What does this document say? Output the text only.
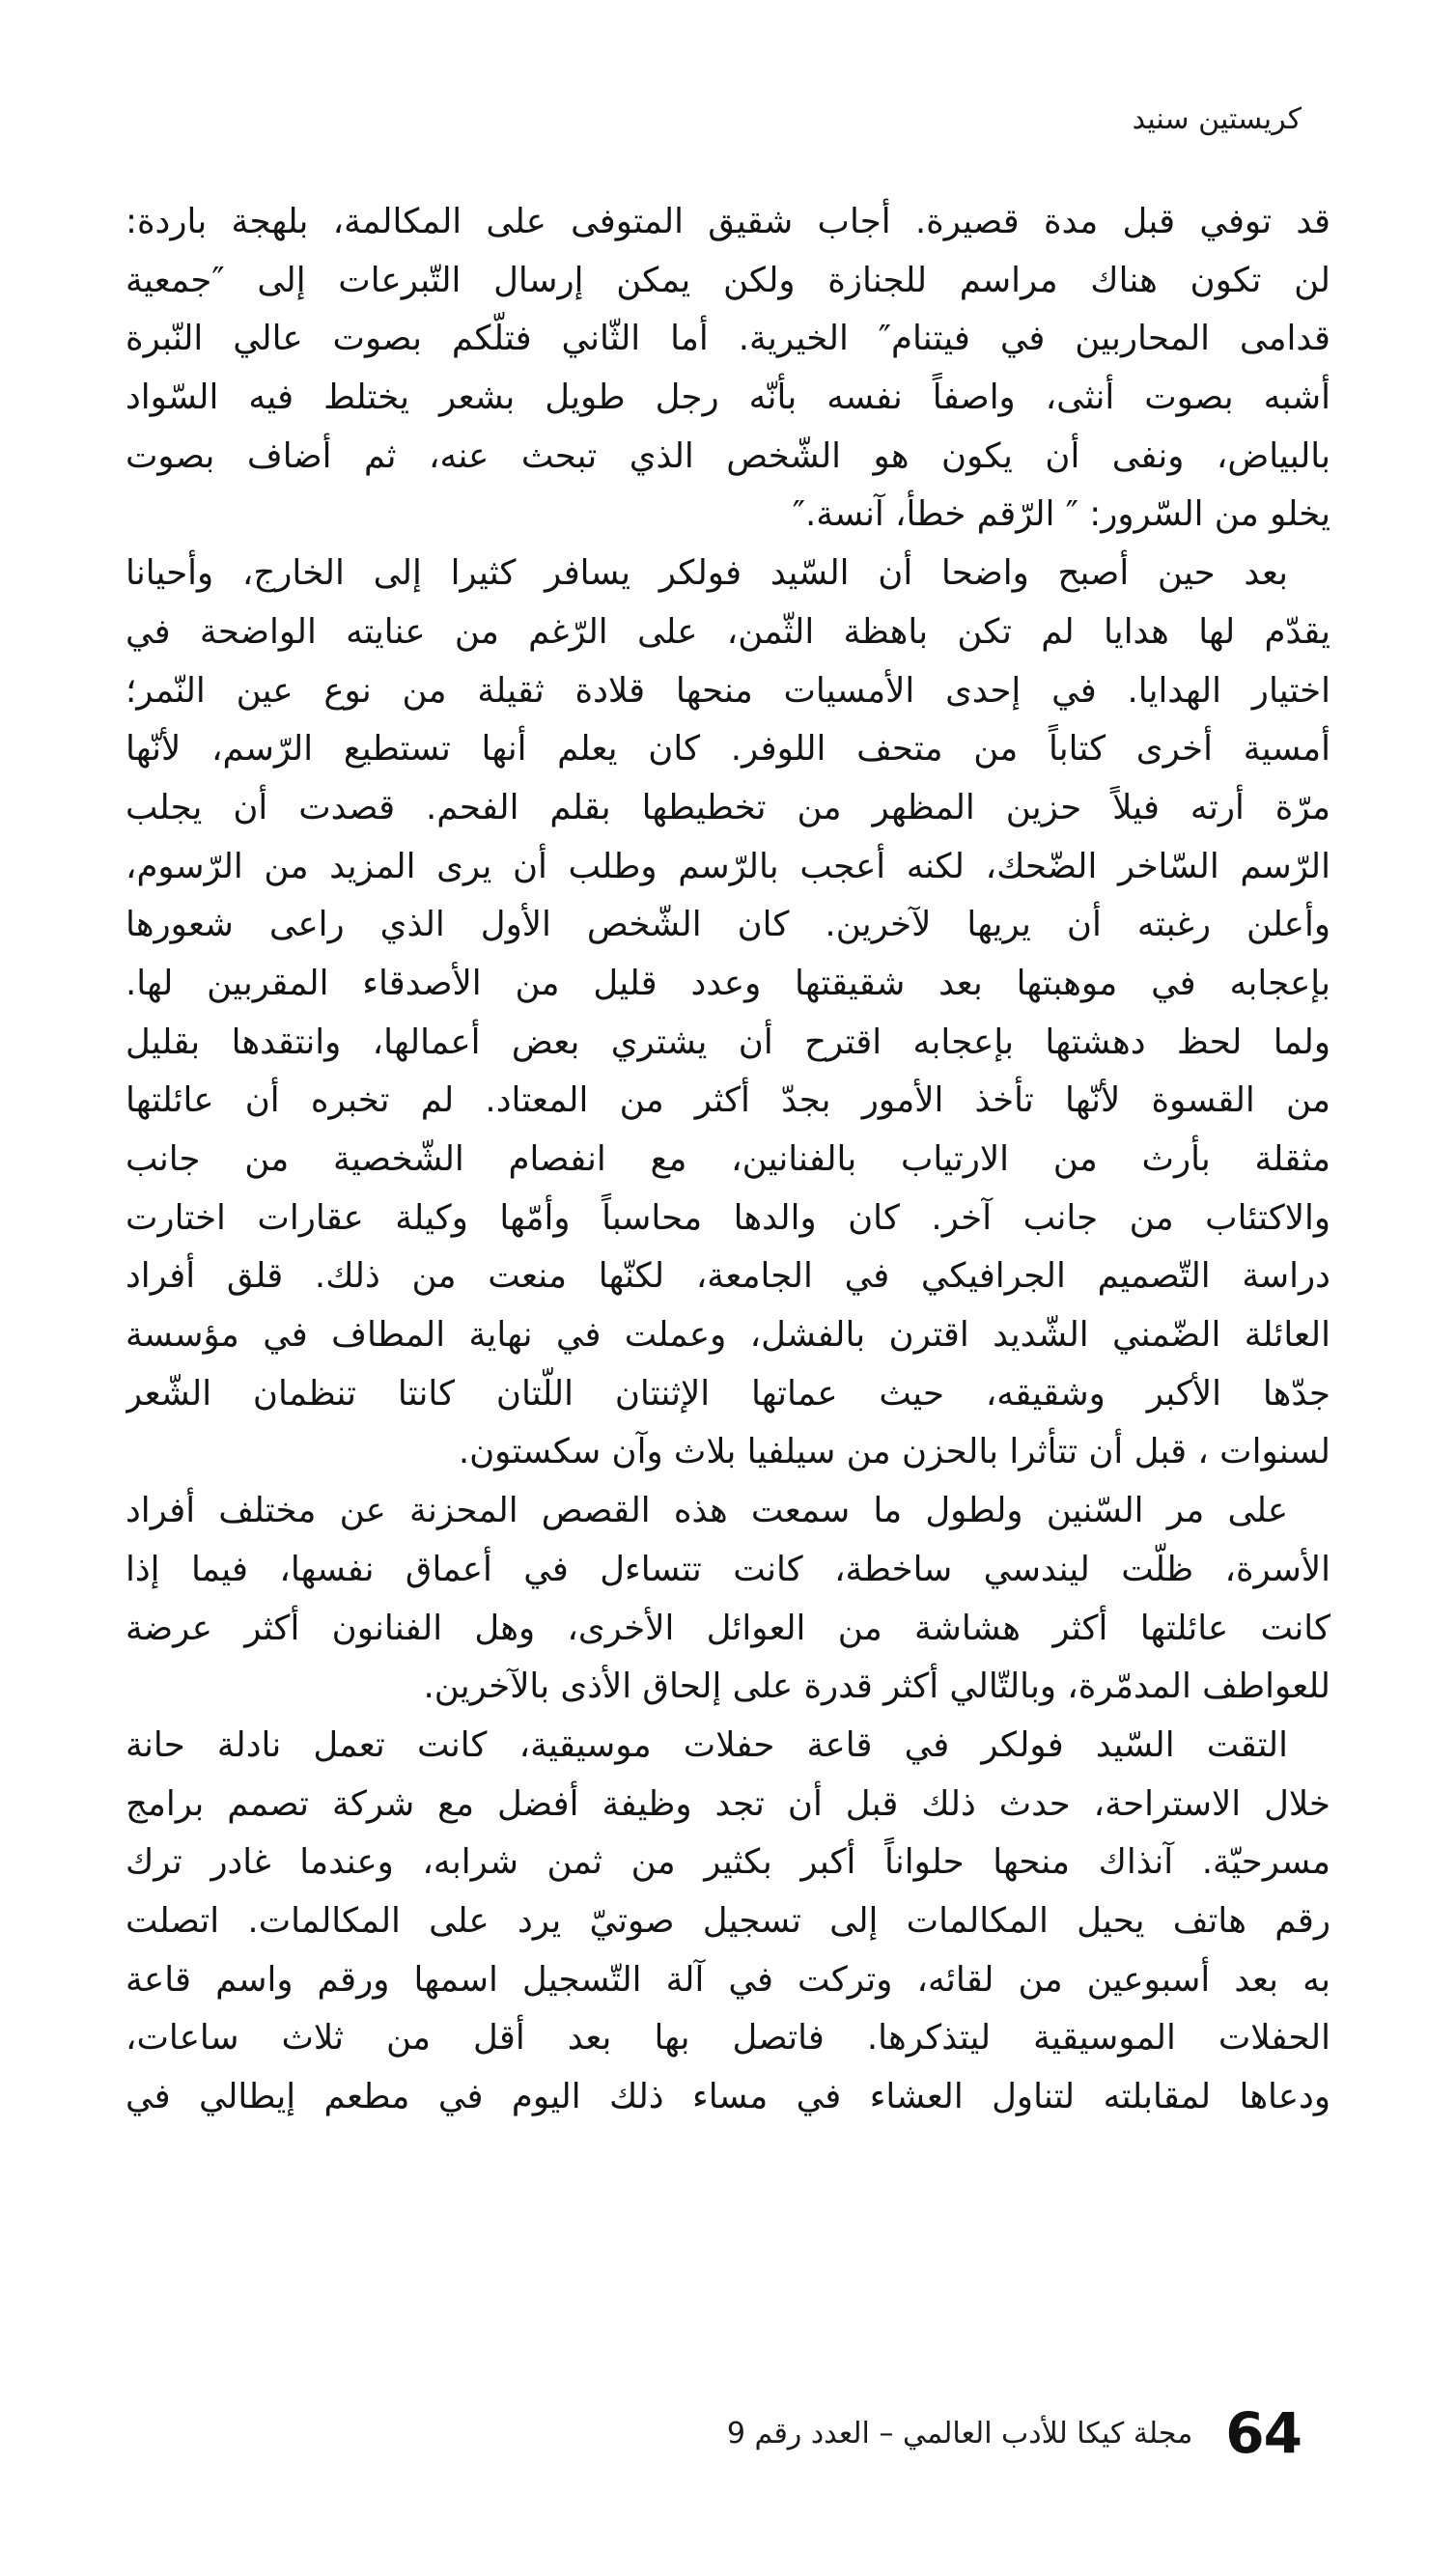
كريستين سنيد
قد توفي قبل مدة قصيرة. أجاب شقيق المتوفى على المكالمة، بلهجة باردة:
لن تكون هناك مراسم للجنازة ولكن يمكن إرسال التّبرعات إلى ″جمعية
قدامى المحاربين في فيتنام″ الخيرية. أما الثّاني فتلّكم بصوت عالي النّبرة
أشبه بصوت أنثى، واصفاً نفسه بأنّه رجل طويل بشعر يختلط فيه السّواد
بالبياض، ونفى أن يكون هو الشّخص الذي تبحث عنه، ثم أضاف بصوت
يخلو من السّرور: ″ الرّقم خطأ، آنسة.″
بعد حين أصبح واضحا أن السّيد فولكر يسافر كثيرا إلى الخارج، وأحيانا
يقدّم لها هدايا لم تكن باهظة الثّمن، على الرّغم من عنايته الواضحة في
اختيار الهدايا. في إحدى الأمسيات منحها قلادة ثقيلة من نوع عين النّمر؛
أمسية أخرى كتاباً من متحف اللوفر. كان يعلم أنها تستطيع الرّسم، لأنّها
مرّة أرته فيلاً حزين المظهر من تخطيطها بقلم الفحم. قصدت أن يجلب
الرّسم السّاخر الضّحك، لكنه أعجب بالرّسم وطلب أن يرى المزيد من الرّسوم،
وأعلن رغبته أن يريها لآخرين. كان الشّخص الأول الذي راعى شعورها
بإعجابه في موهبتها بعد شقيقتها وعدد قليل من الأصدقاء المقربين لها.
ولما لحظ دهشتها بإعجابه اقترح أن يشتري بعض أعمالها، وانتقدها بقليل
من القسوة لأنّها تأخذ الأمور بجدّ أكثر من المعتاد. لم تخبره أن عائلتها
مثقلة بأرث من الارتياب بالفنانين، مع انفصام الشّخصية من جانب
والاكتئاب من جانب آخر. كان والدها محاسباً وأمّها وكيلة عقارات اختارت
دراسة التّصميم الجرافيكي في الجامعة، لكنّها منعت من ذلك. قلق أفراد
العائلة الضّمني الشّديد اقترن بالفشل، وعملت في نهاية المطاف في مؤسسة
جدّها الأكبر وشقيقه، حيث عماتها الإثنتان اللّتان كانتا تنظمان الشّعر
لسنوات ، قبل أن تتأثرا بالحزن من سيلفيا بلاث وآن سكستون.
على مر السّنين ولطول ما سمعت هذه القصص المحزنة عن مختلف أفراد
الأسرة، ظلّت ليندسي ساخطة، كانت تتساءل في أعماق نفسها، فيما إذا
كانت عائلتها أكثر هشاشة من العوائل الأخرى، وهل الفنانون أكثر عرضة
للعواطف المدمّرة، وبالتّالي أكثر قدرة على إلحاق الأذى بالآخرين.
التقت السّيد فولكر في قاعة حفلات موسيقية، كانت تعمل نادلة حانة
خلال الاستراحة، حدث ذلك قبل أن تجد وظيفة أفضل مع شركة تصمم برامج
مسرحيّة. آنذاك منحها حلواناً أكبر بكثير من ثمن شرابه، وعندما غادر ترك
رقم هاتف يحيل المكالمات إلى تسجيل صوتيّ يرد على المكالمات. اتصلت
به بعد أسبوعين من لقائه، وتركت في آلة التّسجيل اسمها ورقم واسم قاعة
الحفلات الموسيقية ليتذكرها. فاتصل بها بعد أقل من ثلاث ساعات،
ودعاها لمقابلته لتناول العشاء في مساء ذلك اليوم في مطعم إيطالي في
مجلة كيكا للأدب العالمي – العدد رقم 9 64
